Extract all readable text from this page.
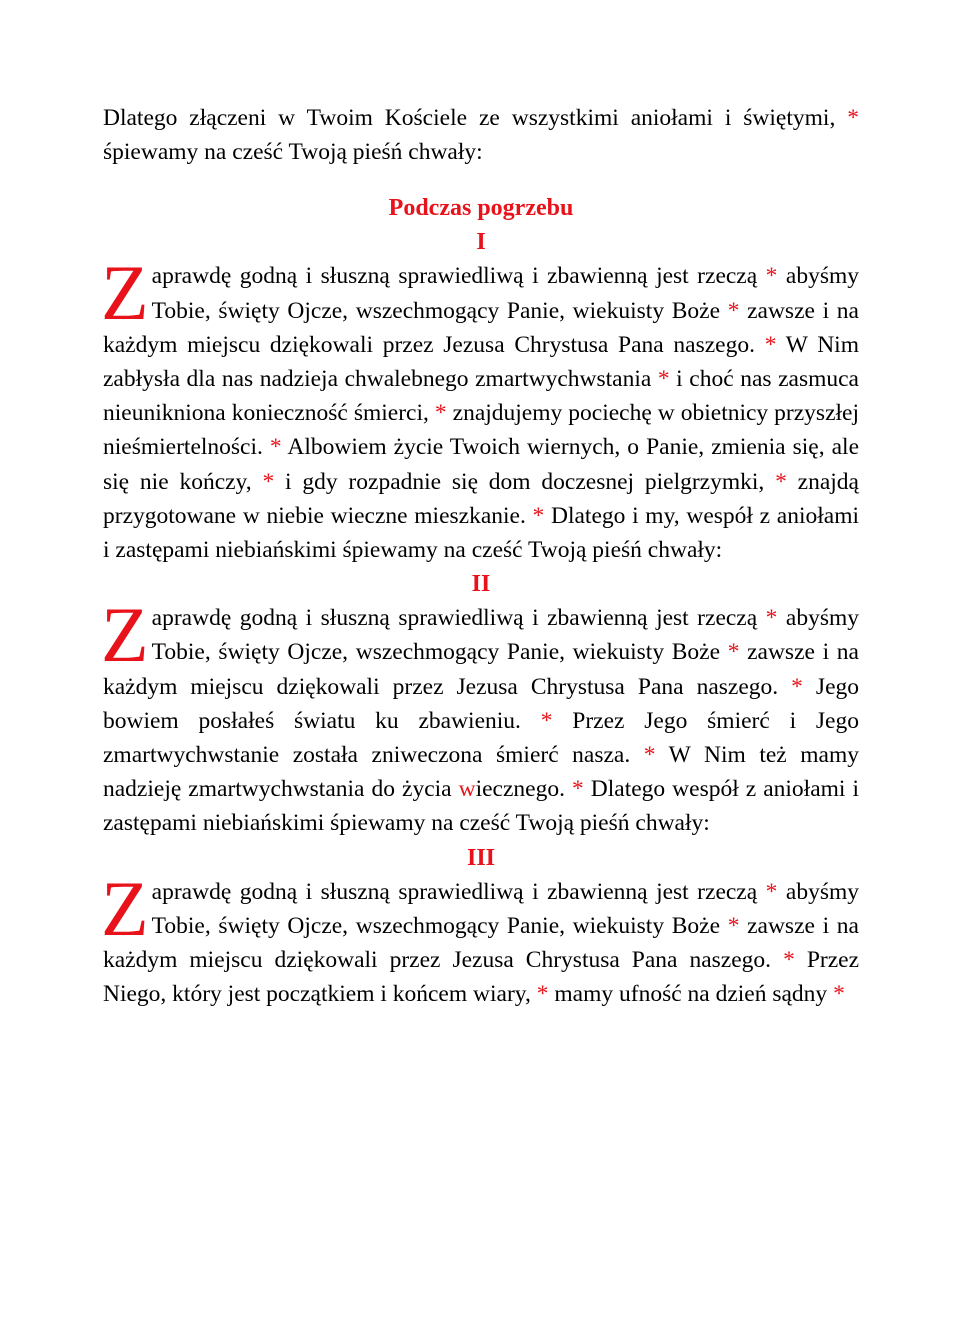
Dlatego złączeni w Twoim Kościele ze wszystkimi aniołami i świętymi, * śpiewamy na cześć Twoją pieśń chwały:

Podczas pogrzebu
I

Zaprawdę godną i słuszną sprawiedliwą i zbawienną jest rzeczą * abyśmy Tobie, święty Ojcze, wszechmogący Panie, wiekuisty Boże * zawsze i na każdym miejscu dziękowali przez Jezusa Chrystusa Pana naszego. * W Nim zabłysła dla nas nadzieja chwalebnego zmartwychwstania * i choć nas zasmuca nieunikniona konieczność śmierci, * znajdujemy pociechę w obietnicy przyszłej nieśmiertelności. * Albowiem życie Twoich wiernych, o Panie, zmienia się, ale się nie kończy, * i gdy rozpadnie się dom doczesnej pielgrzymki, * znajdą przygotowane w niebie wieczne mieszkanie. * Dlatego i my, wespół z aniołami i zastępami niebiańskimi śpiewamy na cześć Twoją pieśń chwały:

II

Zaprawdę godną i słuszną sprawiedliwą i zbawienną jest rzeczą * abyśmy Tobie, święty Ojcze, wszechmogący Panie, wiekuisty Boże * zawsze i na każdym miejscu dziękowali przez Jezusa Chrystusa Pana naszego. * Jego bowiem posłałeś światu ku zbawieniu. * Przez Jego śmierć i Jego zmartwychwstanie została zniweczona śmierć nasza. * W Nim też mamy nadzieję zmartwychwstania do życia wiecznego. * Dlatego wespół z aniołami i zastępami niebiańskimi śpiewamy na cześć Twoją pieśń chwały:

III

Zaprawdę godną i słuszną sprawiedliwą i zbawienną jest rzeczą * abyśmy Tobie, święty Ojcze, wszechmogący Panie, wiekuisty Boże * zawsze i na każdym miejscu dziękowali przez Jezusa Chrystusa Pana naszego. * Przez Niego, który jest początkiem i końcem wiary, * mamy ufność na dzień sądny *
